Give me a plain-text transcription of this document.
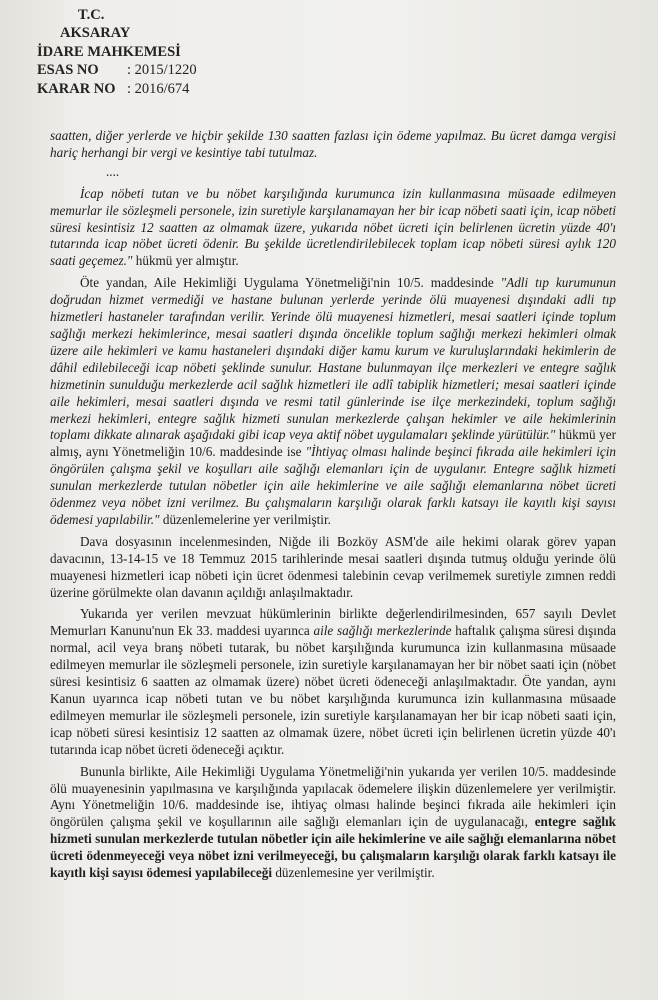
T.C.
AKSARAY
İDARE MAHKEMESİ
ESAS NO : 2015/1220
KARAR NO : 2016/674

saatten, diğer yerlerde ve hiçbir şekilde 130 saatten fazlası için ödeme yapılmaz. Bu ücret damga vergisi hariç herhangi bir vergi ve kesintiye tabi tutulmaz.

....

İcap nöbeti tutan ve bu nöbet karşılığında kurumunca izin kullanmasına müsaade edilmeyen memurlar ile sözleşmeli personele, izin suretiyle karşılanamayan her bir icap nöbeti saati için, icap nöbeti süresi kesintisiz 12 saatten az olmamak üzere, yukarıda nöbet ücreti için belirlenen ücretin yüzde 40'ı tutarında icap nöbet ücreti ödenir. Bu şekilde ücretlendirilebilecek toplam icap nöbeti süresi aylık 120 saati geçemez." hükmü yer almıştır.

Öte yandan, Aile Hekimliği Uygulama Yönetmeliği'nin 10/5. maddesinde "Adli tıp kurumunun doğrudan hizmet vermediği ve hastane bulunan yerlerde yerinde ölü muayenesi dışındaki adli tıp hizmetleri hastaneler tarafından verilir. Yerinde ölü muayenesi hizmetleri, mesai saatleri içinde toplum sağlığı merkezi hekimlerince, mesai saatleri dışında öncelikle toplum sağlığı merkezi hekimleri olmak üzere aile hekimleri ve kamu hastaneleri dışındaki diğer kamu kurum ve kuruluşlarındaki hekimlerin de dâhil edilebileceği icap nöbeti şeklinde sunulur. Hastane bulunmayan ilçe merkezleri ve entegre sağlık hizmetinin sunulduğu merkezlerde acil sağlık hizmetleri ile adlî tabiplik hizmetleri; mesai saatleri içinde aile hekimleri, mesai saatleri dışında ve resmi tatil günlerinde ise ilçe merkezindeki, toplum sağlığı merkezi hekimleri, entegre sağlık hizmeti sunulan merkezlerde çalışan hekimler ve aile hekimlerinin toplamı dikkate alınarak aşağıdaki gibi icap veya aktif nöbet uygulamaları şeklinde yürütülür." hükmü yer almış, aynı Yönetmeliğin 10/6. maddesinde ise "İhtiyaç olması halinde beşinci fıkrada aile hekimleri için öngörülen çalışma şekil ve koşulları aile sağlığı elemanları için de uygulanır. Entegre sağlık hizmeti sunulan merkezlerde tutulan nöbetler için aile hekimlerine ve aile sağlığı elemanlarına nöbet ücreti ödenmez veya nöbet izni verilmez. Bu çalışmaların karşılığı olarak farklı katsayı ile kayıtlı kişi sayısı ödemesi yapılabilir." düzenlemelerine yer verilmiştir.

Dava dosyasının incelenmesinden, Niğde ili Bozköy ASM'de aile hekimi olarak görev yapan davacının, 13-14-15 ve 18 Temmuz 2015 tarihlerinde mesai saatleri dışında tutmuş olduğu yerinde ölü muayenesi hizmetleri icap nöbeti için ücret ödenmesi talebinin cevap verilmemek suretiyle zımnen reddi üzerine görülmekte olan davanın açıldığı anlaşılmaktadır.

Yukarıda yer verilen mevzuat hükümlerinin birlikte değerlendirilmesinden, 657 sayılı Devlet Memurları Kanunu'nun Ek 33. maddesi uyarınca aile sağlığı merkezlerinde haftalık çalışma süresi dışında normal, acil veya branş nöbeti tutarak, bu nöbet karşılığında kurumunca izin kullanmasına müsaade edilmeyen memurlar ile sözleşmeli personele, izin suretiyle karşılanamayan her bir nöbet saati için (nöbet süresi kesintisiz 6 saatten az olmamak üzere) nöbet ücreti ödeneceği anlaşılmaktadır. Öte yandan, aynı Kanun uyarınca icap nöbeti tutan ve bu nöbet karşılığında kurumunca izin kullanmasına müsaade edilmeyen memurlar ile sözleşmeli personele, izin suretiyle karşılanamayan her bir icap nöbeti saati için, icap nöbeti süresi kesintisiz 12 saatten az olmamak üzere, nöbet ücreti için belirlenen ücretin yüzde 40'ı tutarında icap nöbet ücreti ödeneceği açıktır.

Bununla birlikte, Aile Hekimliği Uygulama Yönetmeliği'nin yukarıda yer verilen 10/5. maddesinde ölü muayenesinin yapılmasına ve karşılığında yapılacak ödemelere ilişkin düzenlemelere yer verilmiştir. Aynı Yönetmeliğin 10/6. maddesinde ise, ihtiyaç olması halinde beşinci fıkrada aile hekimleri için öngörülen çalışma şekil ve koşullarının aile sağlığı elemanları için de uygulanacağı, entegre sağlık hizmeti sunulan merkezlerde tutulan nöbetler için aile hekimlerine ve aile sağlığı elemanlarına nöbet ücreti ödenmeyeceği veya nöbet izni verilmeyeceği, bu çalışmaların karşılığı olarak farklı katsayı ile kayıtlı kişi sayısı ödemesi yapılabileceği düzenlemesine yer verilmiştir.
